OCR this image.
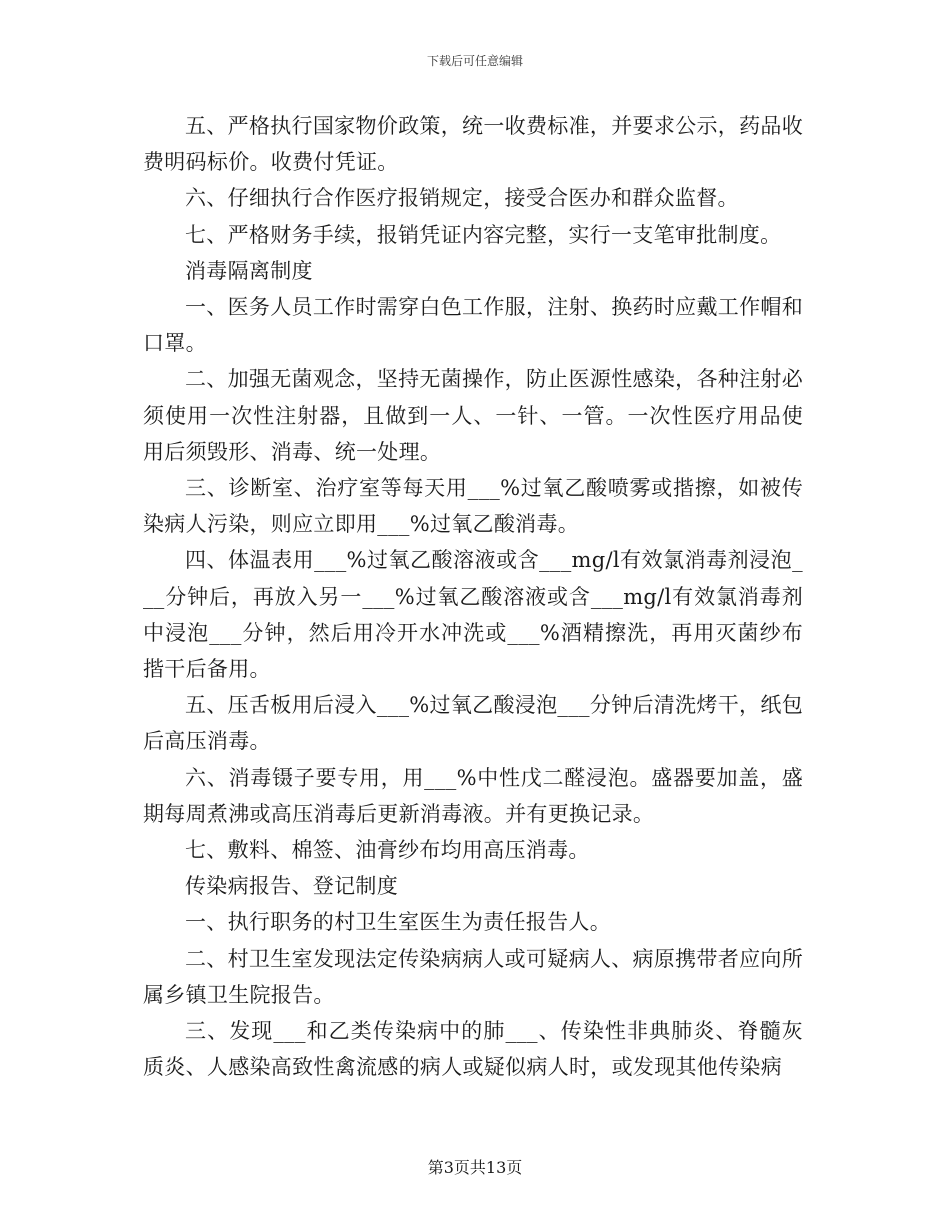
下载后可任意编辑

五、严格执行国家物价政策，统一收费标准，并要求公示，药品收费明码标价。收费付凭证。

六、仔细执行合作医疗报销规定，接受合医办和群众监督。

七、严格财务手续，报销凭证内容完整，实行一支笔审批制度。

消毒隔离制度

一、医务人员工作时需穿白色工作服，注射、换药时应戴工作帽和口罩。

二、加强无菌观念，坚持无菌操作，防止医源性感染，各种注射必须使用一次性注射器，且做到一人、一针、一管。一次性医疗用品使用后须毁形、消毒、统一处理。

三、诊断室、治疗室等每天用___%过氧乙酸喷雾或揩擦，如被传染病人污染，则应立即用___%过氧乙酸消毒。

四、体温表用___%过氧乙酸溶液或含___mg/l有效氯消毒剂浸泡___分钟后，再放入另一___%过氧乙酸溶液或含___mg/l有效氯消毒剂中浸泡___分钟，然后用冷开水冲洗或___%酒精擦洗，再用灭菌纱布揩干后备用。

五、压舌板用后浸入___%过氧乙酸浸泡___分钟后清洗烤干，纸包后高压消毒。

六、消毒镊子要专用，用___%中性戊二醛浸泡。盛器要加盖，盛期每周煮沸或高压消毒后更新消毒液。并有更换记录。

七、敷料、棉签、油膏纱布均用高压消毒。

传染病报告、登记制度

一、执行职务的村卫生室医生为责任报告人。

二、村卫生室发现法定传染病病人或可疑病人、病原携带者应向所属乡镇卫生院报告。

三、发现___和乙类传染病中的肺___、传染性非典肺炎、脊髓灰质炎、人感染高致性禽流感的病人或疑似病人时，或发现其他传染病

第3页共13页
